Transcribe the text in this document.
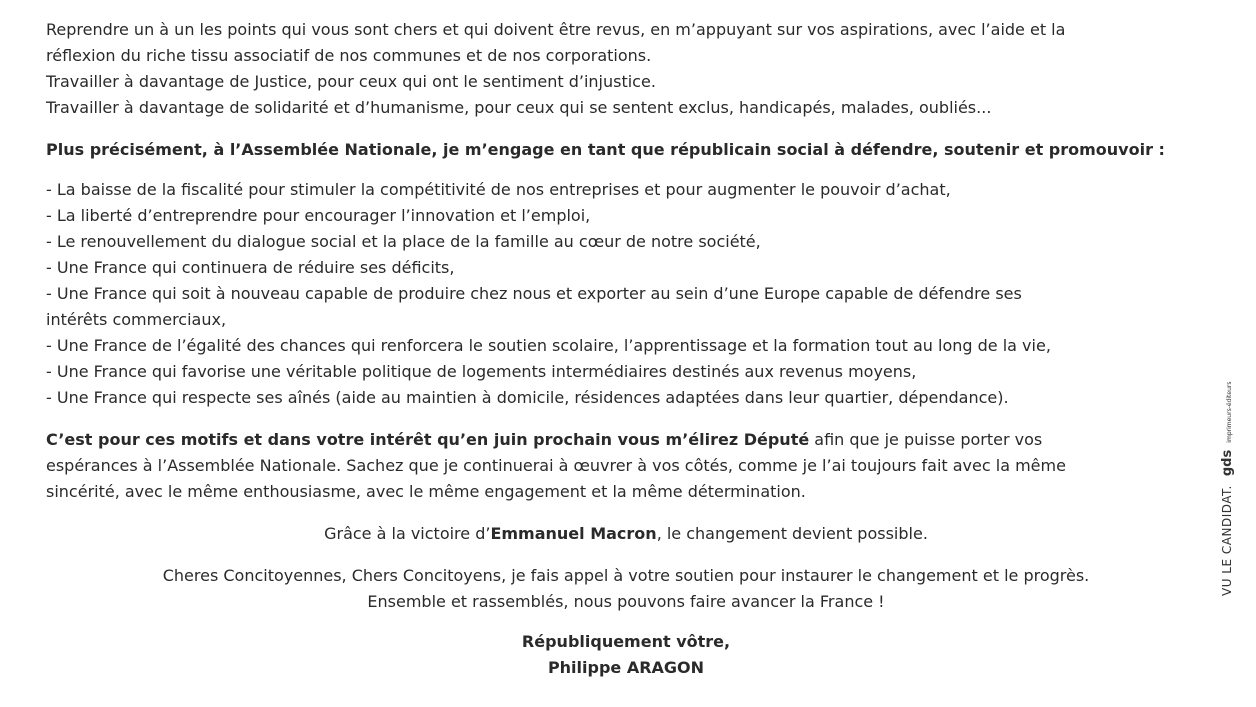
Reprendre un à un les points qui vous sont chers et qui doivent être revus, en m’appuyant sur vos aspirations, avec l’aide et la
réflexion du riche tissu associatif de nos communes et de nos corporations.
Travailler à davantage de Justice, pour ceux qui ont le sentiment d’injustice.
Travailler à davantage de solidarité et d’humanisme, pour ceux qui se sentent exclus, handicapés, malades, oubliés...
Plus précisément, à l’Assemblée Nationale, je m’engage en tant que républicain social à défendre, soutenir et promouvoir :
- La baisse de la fiscalité pour stimuler la compétitivité de nos entreprises et pour augmenter le pouvoir d’achat,
- La liberté d’entreprendre pour encourager l’innovation et l’emploi,
- Le renouvellement du dialogue social et la place de la famille au cœur de notre société,
- Une France qui continuera de réduire ses déficits,
- Une France qui soit à nouveau capable de produire chez nous et exporter au sein d’une Europe capable de défendre ses
intérêts commerciaux,
- Une France de l’égalité des chances qui renforcera le soutien scolaire, l’apprentissage et la formation tout au long de la vie,
- Une France qui favorise une véritable politique de logements intermédiaires destinés aux revenus moyens,
- Une France qui respecte ses aînés (aide au maintien à domicile, résidences adaptées dans leur quartier, dépendance).
C’est pour ces motifs et dans votre intérêt qu’en juin prochain vous m’élirez Député afin que je puisse porter vos
espérances à l’Assemblée Nationale. Sachez que je continuerai à œuvrer à vos côtés, comme je l’ai toujours fait avec la même
sincérité, avec le même enthousiasme, avec le même engagement et la même détermination.
Grâce à la victoire d’Emmanuel Macron, le changement devient possible.
Cheres Concitoyennes, Chers Concitoyens, je fais appel à votre soutien pour instaurer le changement et le progrès.
Ensemble et rassemblés, nous pouvons faire avancer la France !
Républiquement vôtre,
Philippe ARAGON
VU LE CANDIDAT. gds imprimeurs-éditeurs
